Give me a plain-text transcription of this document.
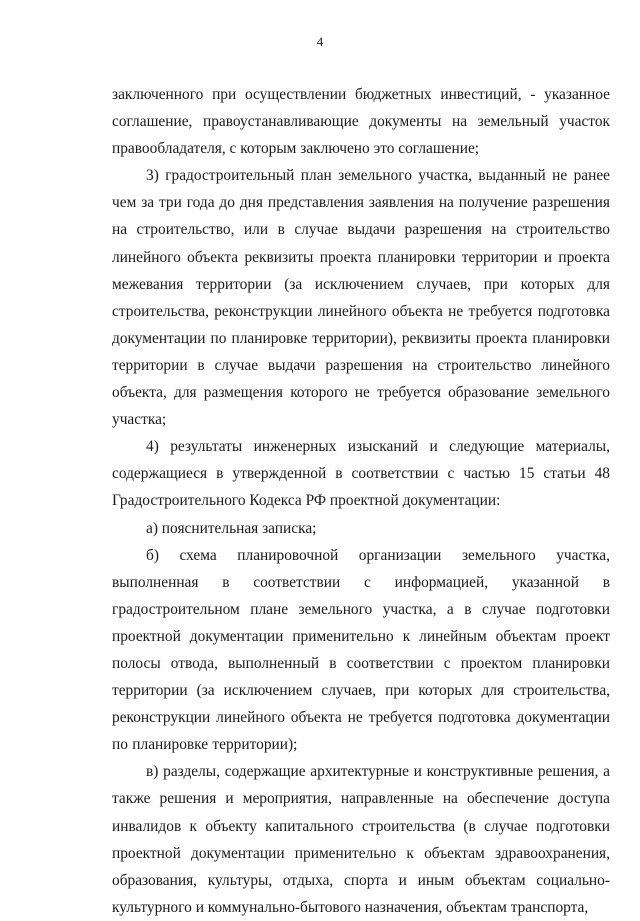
4

заключенного при осуществлении бюджетных инвестиций, - указанное соглашение, правоустанавливающие документы на земельный участок правообладателя, с которым заключено это соглашение;

3) градостроительный план земельного участка, выданный не ранее чем за три года до дня представления заявления на получение разрешения на строительство, или в случае выдачи разрешения на строительство линейного объекта реквизиты проекта планировки территории и проекта межевания территории (за исключением случаев, при которых для строительства, реконструкции линейного объекта не требуется подготовка документации по планировке территории), реквизиты проекта планировки территории в случае выдачи разрешения на строительство линейного объекта, для размещения которого не требуется образование земельного участка;

4) результаты инженерных изысканий и следующие материалы, содержащиеся в утвержденной в соответствии с частью 15 статьи 48 Градостроительного Кодекса РФ проектной документации:

а) пояснительная записка;

б) схема планировочной организации земельного участка, выполненная в соответствии с информацией, указанной в градостроительном плане земельного участка, а в случае подготовки проектной документации применительно к линейным объектам проект полосы отвода, выполненный в соответствии с проектом планировки территории (за исключением случаев, при которых для строительства, реконструкции линейного объекта не требуется подготовка документации по планировке территории);

в) разделы, содержащие архитектурные и конструктивные решения, а также решения и мероприятия, направленные на обеспечение доступа инвалидов к объекту капитального строительства (в случае подготовки проектной документации применительно к объектам здравоохранения, образования, культуры, отдыха, спорта и иным объектам социально-культурного и коммунально-бытового назначения, объектам транспорта,
